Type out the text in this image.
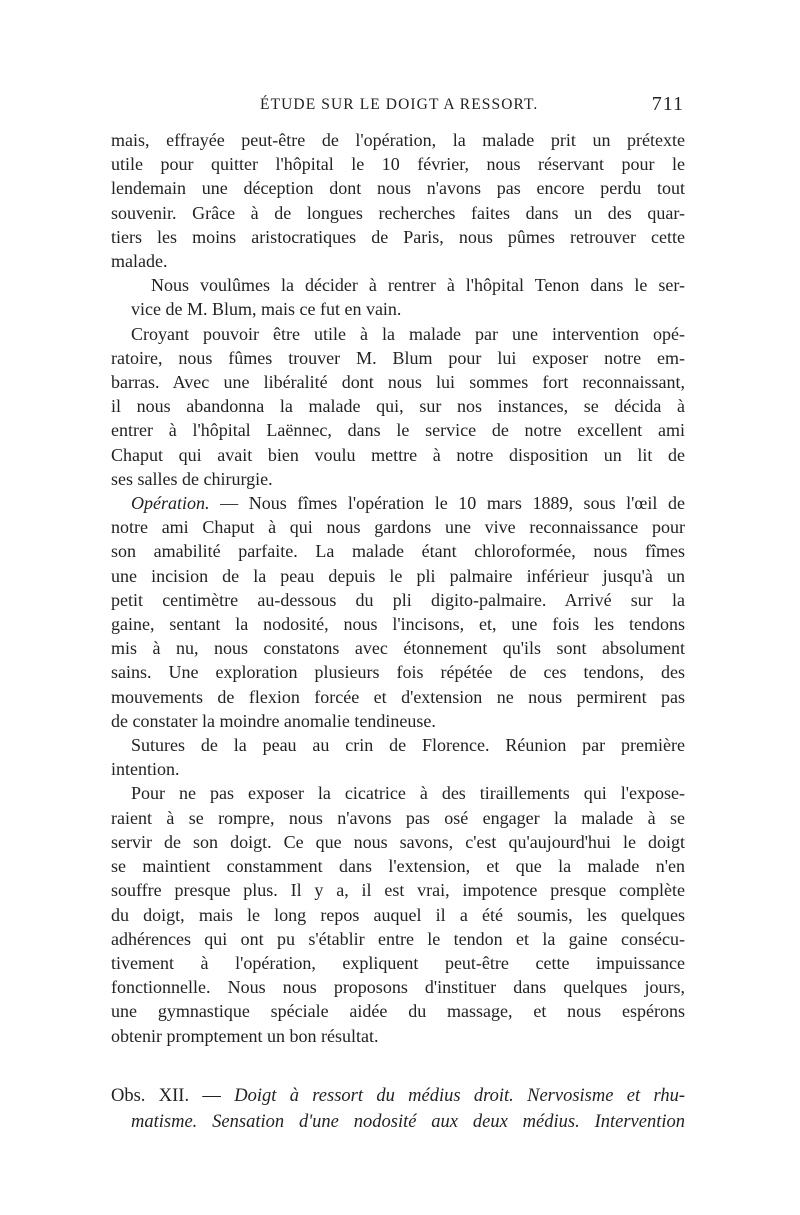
ÉTUDE SUR LE DOIGT A RESSORT.	711

mais, effrayée peut-être de l'opération, la malade prit un prétexte
utile pour quitter l'hôpital le 10 février, nous réservant pour le
lendemain une déception dont nous n'avons pas encore perdu tout
souvenir. Grâce à de longues recherches faites dans un des quar-
tiers les moins aristocratiques de Paris, nous pûmes retrouver cette
malade.

Nous voulûmes la décider à rentrer à l'hôpital Tenon dans le ser-
vice de M. Blum, mais ce fut en vain.

Croyant pouvoir être utile à la malade par une intervention opé-
ratoire, nous fûmes trouver M. Blum pour lui exposer notre em-
barras. Avec une libéralité dont nous lui sommes fort reconnaissant,
il nous abandonna la malade qui, sur nos instances, se décida à
entrer à l'hôpital Laënnec, dans le service de notre excellent ami
Chaput qui avait bien voulu mettre à notre disposition un lit de
ses salles de chirurgie.

Opération. — Nous fîmes l'opération le 10 mars 1889, sous l'œil de
notre ami Chaput à qui nous gardons une vive reconnaissance pour
son amabilité parfaite. La malade étant chloroformée, nous fîmes
une incision de la peau depuis le pli palmaire inférieur jusqu'à un
petit centimètre au-dessous du pli digito-palmaire. Arrivé sur la
gaine, sentant la nodosité, nous l'incisons, et, une fois les tendons
mis à nu, nous constatons avec étonnement qu'ils sont absolument
sains. Une exploration plusieurs fois répétée de ces tendons, des
mouvements de flexion forcée et d'extension ne nous permirent pas
de constater la moindre anomalie tendineuse.

Sutures de la peau au crin de Florence. Réunion par première
intention.

Pour ne pas exposer la cicatrice à des tiraillements qui l'expose-
raient à se rompre, nous n'avons pas osé engager la malade à se
servir de son doigt. Ce que nous savons, c'est qu'aujourd'hui le doigt
se maintient constamment dans l'extension, et que la malade n'en
souffre presque plus. Il y a, il est vrai, impotence presque complète
du doigt, mais le long repos auquel il a été soumis, les quelques
adhérences qui ont pu s'établir entre le tendon et la gaine consécu-
tivement à l'opération, expliquent peut-être cette impuissance
fonctionnelle. Nous nous proposons d'instituer dans quelques jours,
une gymnastique spéciale aidée du massage, et nous espérons
obtenir promptement un bon résultat.

Obs. XII. — Doigt à ressort du médius droit. Nervosisme et rhu-
matisme. Sensation d'une nodosité aux deux médius. Intervention
